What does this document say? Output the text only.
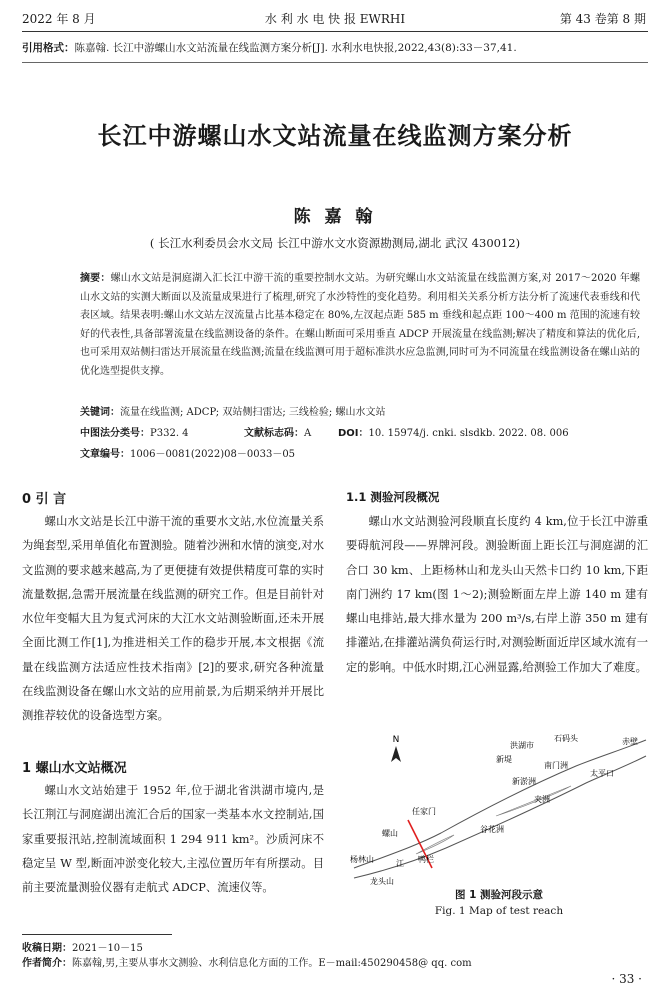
2022 年 8 月	水 利 水 电 快 报 EWRHI	第 43 卷第 8 期
引用格式：陈嘉翰. 长江中游螺山水文站流量在线监测方案分析[J]. 水利水电快报,2022,43(8):33－37,41.
长江中游螺山水文站流量在线监测方案分析
陈 嘉 翰
( 长江水利委员会水文局 长江中游水文水资源勘测局,湖北 武汉 430012)
摘要：螺山水文站是洞庭湖入汇长江中游干流的重要控制水文站。为研究螺山水文站流量在线监测方案,对 2017～2020 年螺山水文站的实测大断面以及流量成果进行了梳理,研究了水沙特性的变化趋势。利用相关关系分析方法分析了流速代表垂线和代表区域。结果表明:螺山水文站左汊流量占比基本稳定在 80%,左汊起点距 585 m 垂线和起点距 100～400 m 范围的流速有较好的代表性,具备部署流量在线监测设备的条件。在螺山断面可采用垂直 ADCP 开展流量在线监测;解决了精度和算法的优化后,也可采用双站侧扫雷达开展流量在线监测;流量在线监测可用于超标准洪水应急监测,同时可为不同流量在线监测设备在螺山站的优化选型提供支撑。
关键词：流量在线监测; ADCP; 双站侧扫雷达; 三线检验; 螺山水文站
中图法分类号：P332. 4	文献标志码：A	DOI：10. 15974/j. cnki. slsdkb. 2022. 08. 006
文章编号：1006－0081(2022)08－0033－05
0 引 言
螺山水文站是长江中游干流的重要水文站,水位流量关系为绳套型,采用单值化布置测验。随着沙洲和水情的演变,对水文监测的要求越来越高,为了更便捷有效提供精度可靠的实时流量数据,急需开展流量在线监测的研究工作。但是目前针对水位年变幅大且为复式河床的大江水文站测验断面,还未开展全面比测工作[1],为推进相关工作的稳步开展,本文根据《流量在线监测方法适应性技术指南》[2]的要求,研究各种流量在线监测设备在螺山水文站的应用前景,为后期采纳并开展比测推荐较优的设备选型方案。
1 螺山水文站概况
螺山水文站始建于 1952 年,位于湖北省洪湖市境内,是长江荆江与洞庭湖出流汇合后的国家一类基本水文控制站,国家重要报汛站,控制流域面积 1 294 911 km²。沙质河床不稳定呈 W 型,断面冲淤变化较大,主泓位置历年有所摆动。目前主要流量测验仪器有走航式 ADCP、流速仪等。
1.1 测验河段概况
螺山水文站测验河段顺直长度约 4 km,位于长江中游重要碍航河段——界牌河段。测验断面上距长江与洞庭湖的汇合口 30 km、上距杨林山和龙头山天然卡口约 10 km,下距南门洲约 17 km(图 1～2);测验断面左岸上游 140 m 建有螺山电排站,最大排水量为 200 m³/s,右岸上游 350 m 建有排灌站,在排灌站满负荷运行时,对测验断面近岸区域水流有一定的影响。中低水时期,江心洲显露,给测验工作加大了难度。
N
洪湖市
石码头	赤壁
新堤
南门洲
新淤洲
太平口
夹洲
任家门
螺山	谷花洲
杨林山	江 鸭栏
龙头山
图 1 测验河段示意
Fig. 1 Map of test reach
收稿日期：2021－10－15
作者简介：陈嘉翰,男,主要从事水文测验、水利信息化方面的工作。E－mail:450290458@ qq. com
· 33 ·
